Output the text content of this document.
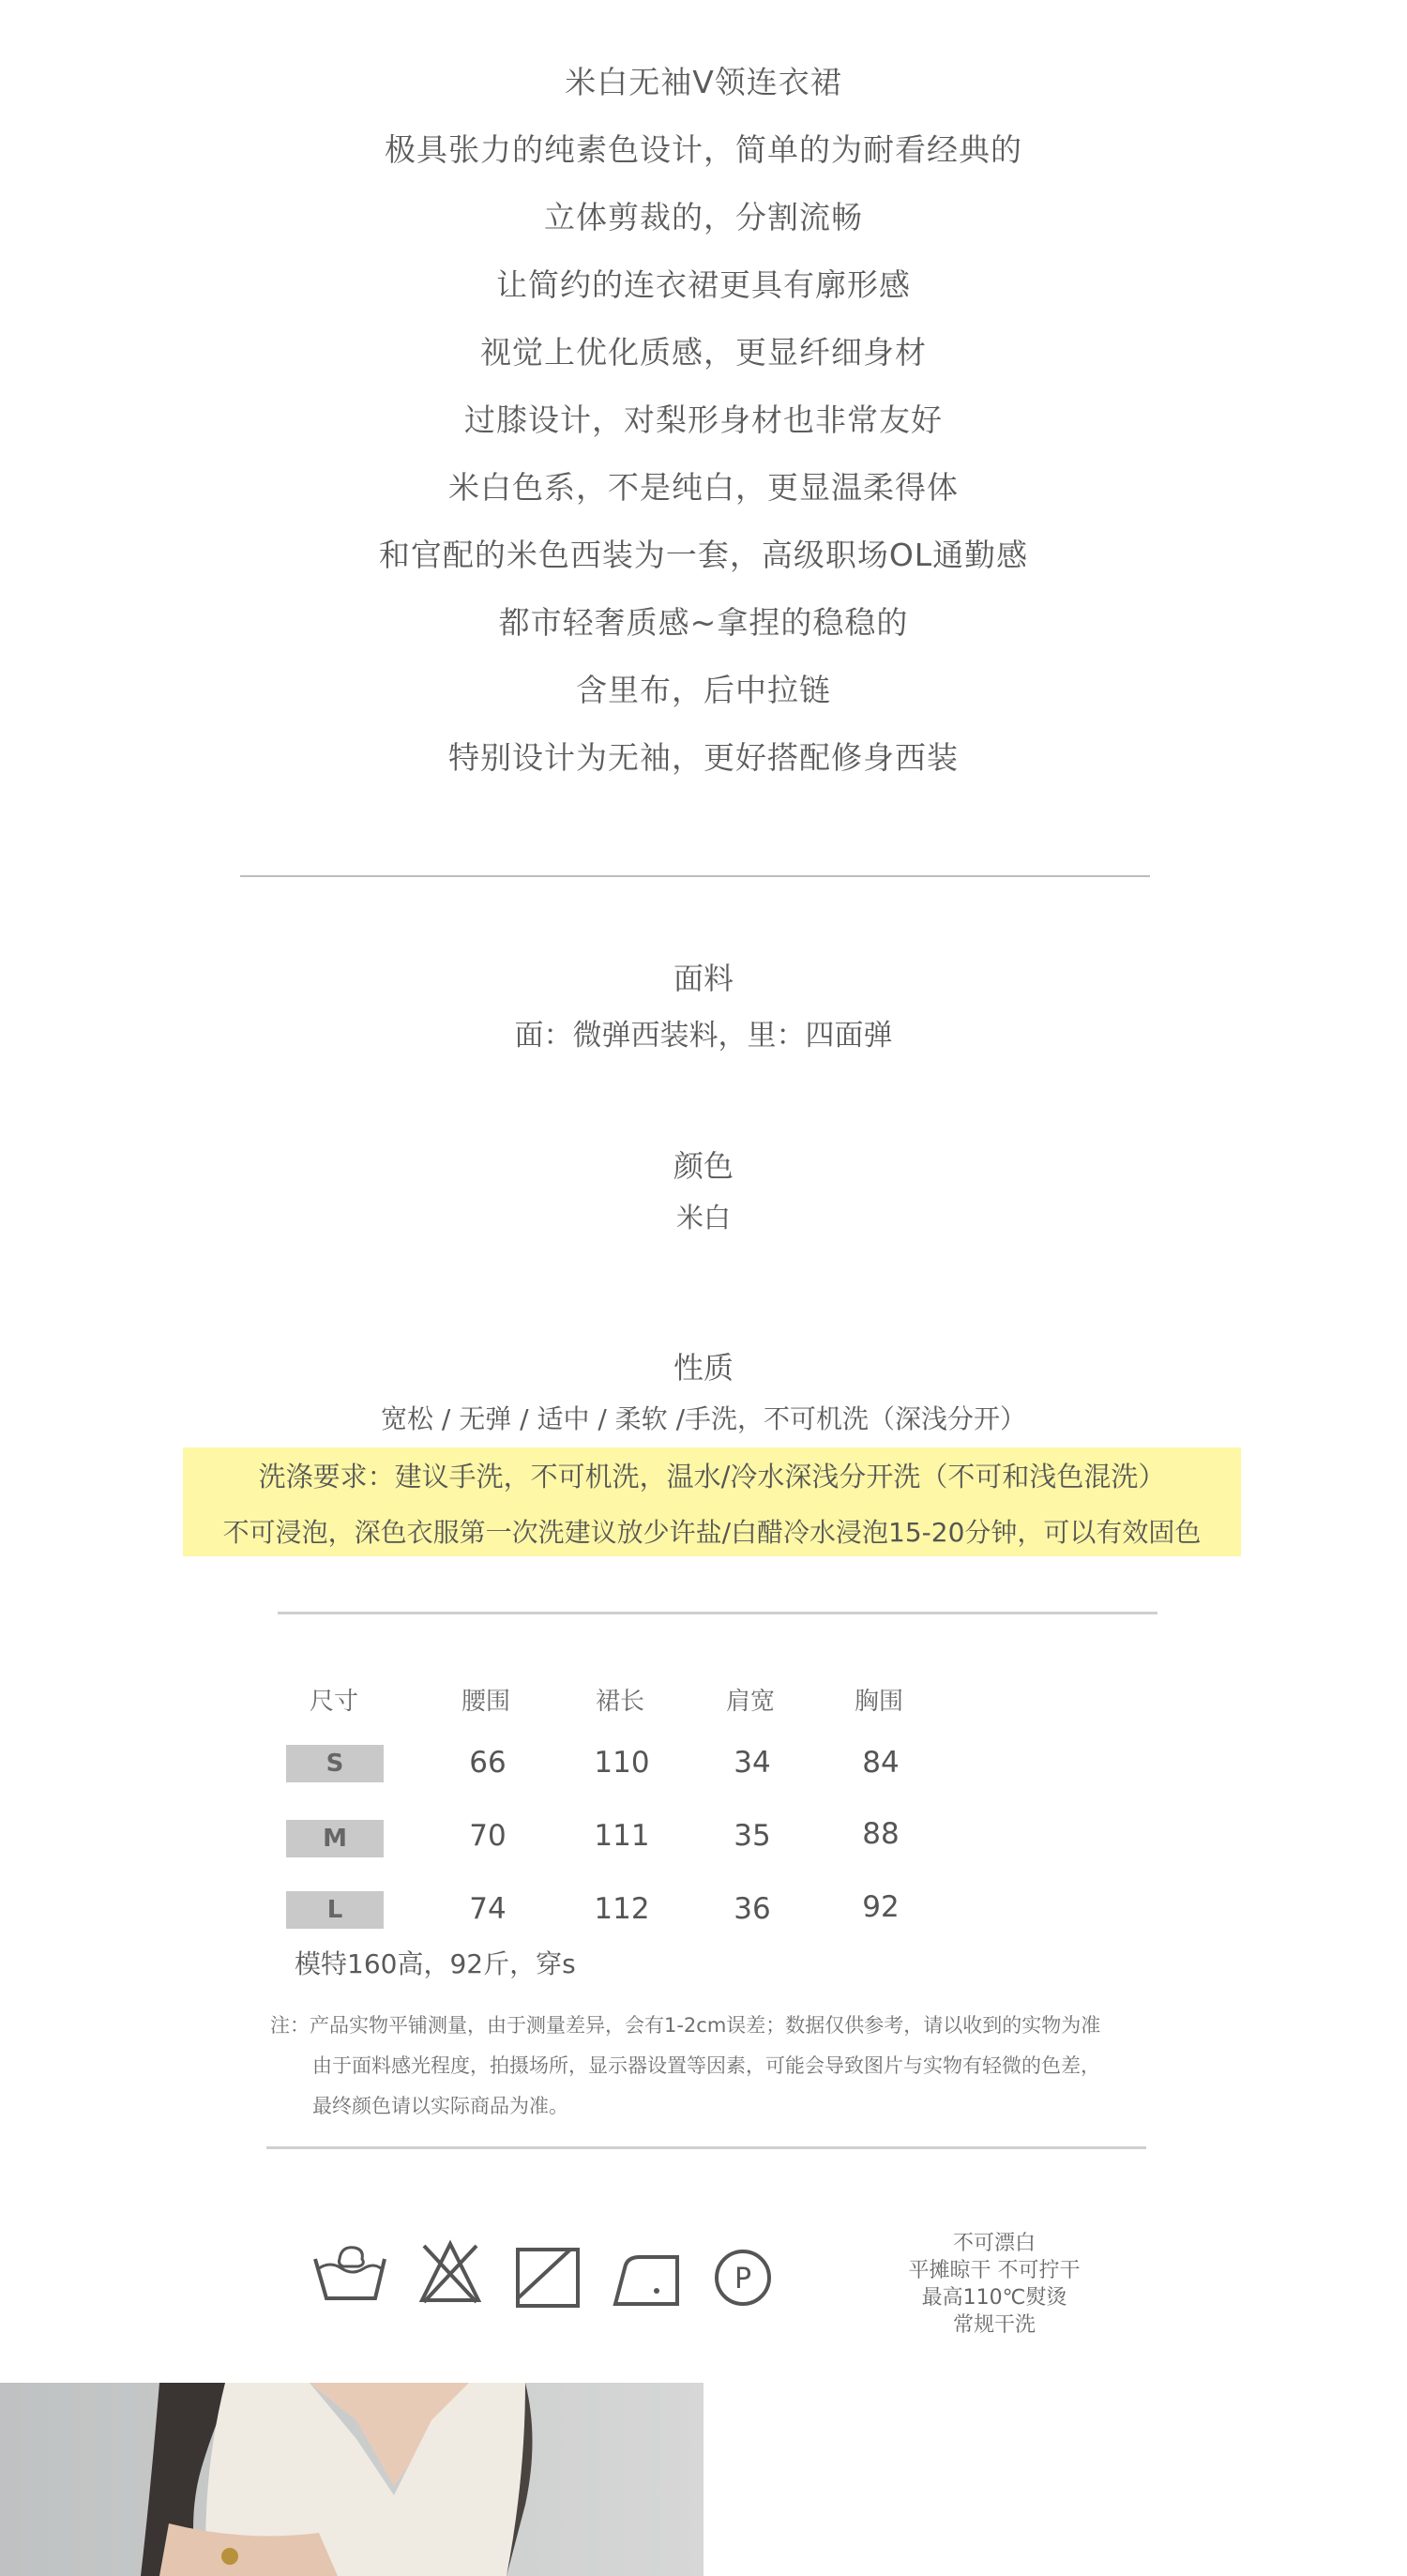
米白无袖V领连衣裙
极具张力的纯素色设计，简单的为耐看经典的
立体剪裁的，分割流畅
让简约的连衣裙更具有廓形感
视觉上优化质感，更显纤细身材
过膝设计，对梨形身材也非常友好
米白色系，不是纯白，更显温柔得体
和官配的米色西装为一套，高级职场OL通勤感
都市轻奢质感~拿捏的稳稳的
含里布，后中拉链
特别设计为无袖，更好搭配修身西装
面料
面：微弹西装料，里：四面弹
颜色
米白
性质
宽松 / 无弹 / 适中 / 柔软 /手洗，不可机洗（深浅分开）
洗涤要求：建议手洗，不可机洗，温水/冷水深浅分开洗（不可和浅色混洗）
不可浸泡，深色衣服第一次洗建议放少许盐/白醋冷水浸泡15-20分钟，可以有效固色
尺寸	腰围	裙长	肩宽	胸围
S	66	110	34	84
M	70	111	35	88
L	74	112	36	92
模特160高，92斤，穿s
注：产品实物平铺测量，由于测量差异，会有1-2cm误差；数据仅供参考，请以收到的实物为准
由于面料感光程度，拍摄场所，显示器设置等因素，可能会导致图片与实物有轻微的色差，
最终颜色请以实际商品为准。
P
不可漂白
平摊晾干 不可拧干
最高110℃熨烫
常规干洗
